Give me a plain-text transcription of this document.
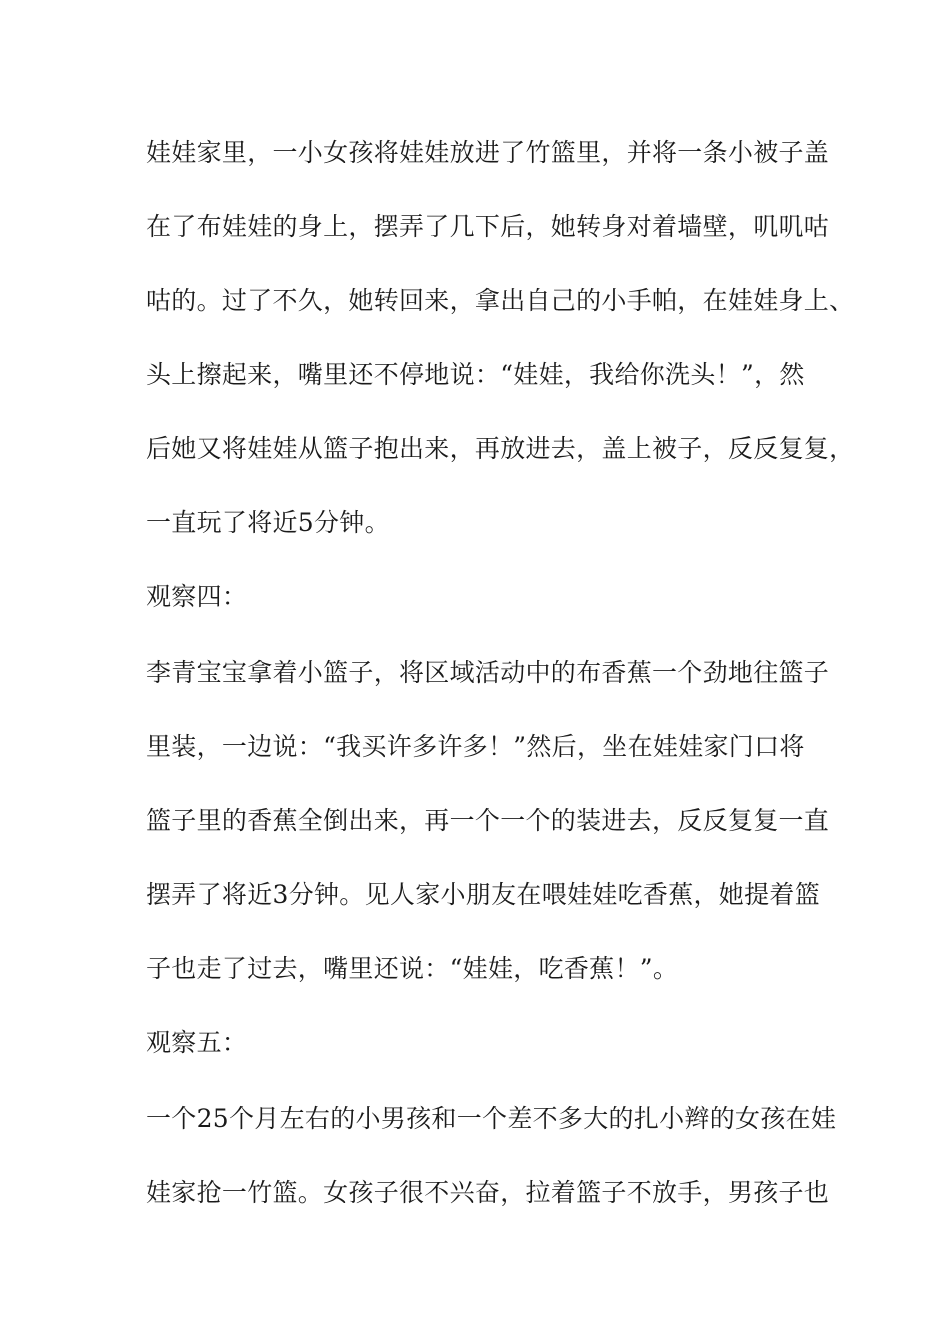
娃娃家里，一小女孩将娃娃放进了竹篮里，并将一条小被子盖
在了布娃娃的身上，摆弄了几下后，她转身对着墙壁，叽叽咕
咕的。过了不久，她转回来，拿出自己的小手帕，在娃娃身上、
头上擦起来，嘴里还不停地说：“娃娃，我给你洗头！”，然
后她又将娃娃从篮子抱出来，再放进去，盖上被子，反反复复，
一直玩了将近5分钟。
观察四：
李青宝宝拿着小篮子，将区域活动中的布香蕉一个劲地往篮子
里装，一边说：“我买许多许多！”然后，坐在娃娃家门口将
篮子里的香蕉全倒出来，再一个一个的装进去，反反复复一直
摆弄了将近3分钟。见人家小朋友在喂娃娃吃香蕉，她提着篮
子也走了过去，嘴里还说：“娃娃，吃香蕉！”。
观察五：
一个25个月左右的小男孩和一个差不多大的扎小辫的女孩在娃
娃家抢一竹篮。女孩子很不兴奋，拉着篮子不放手，男孩子也
